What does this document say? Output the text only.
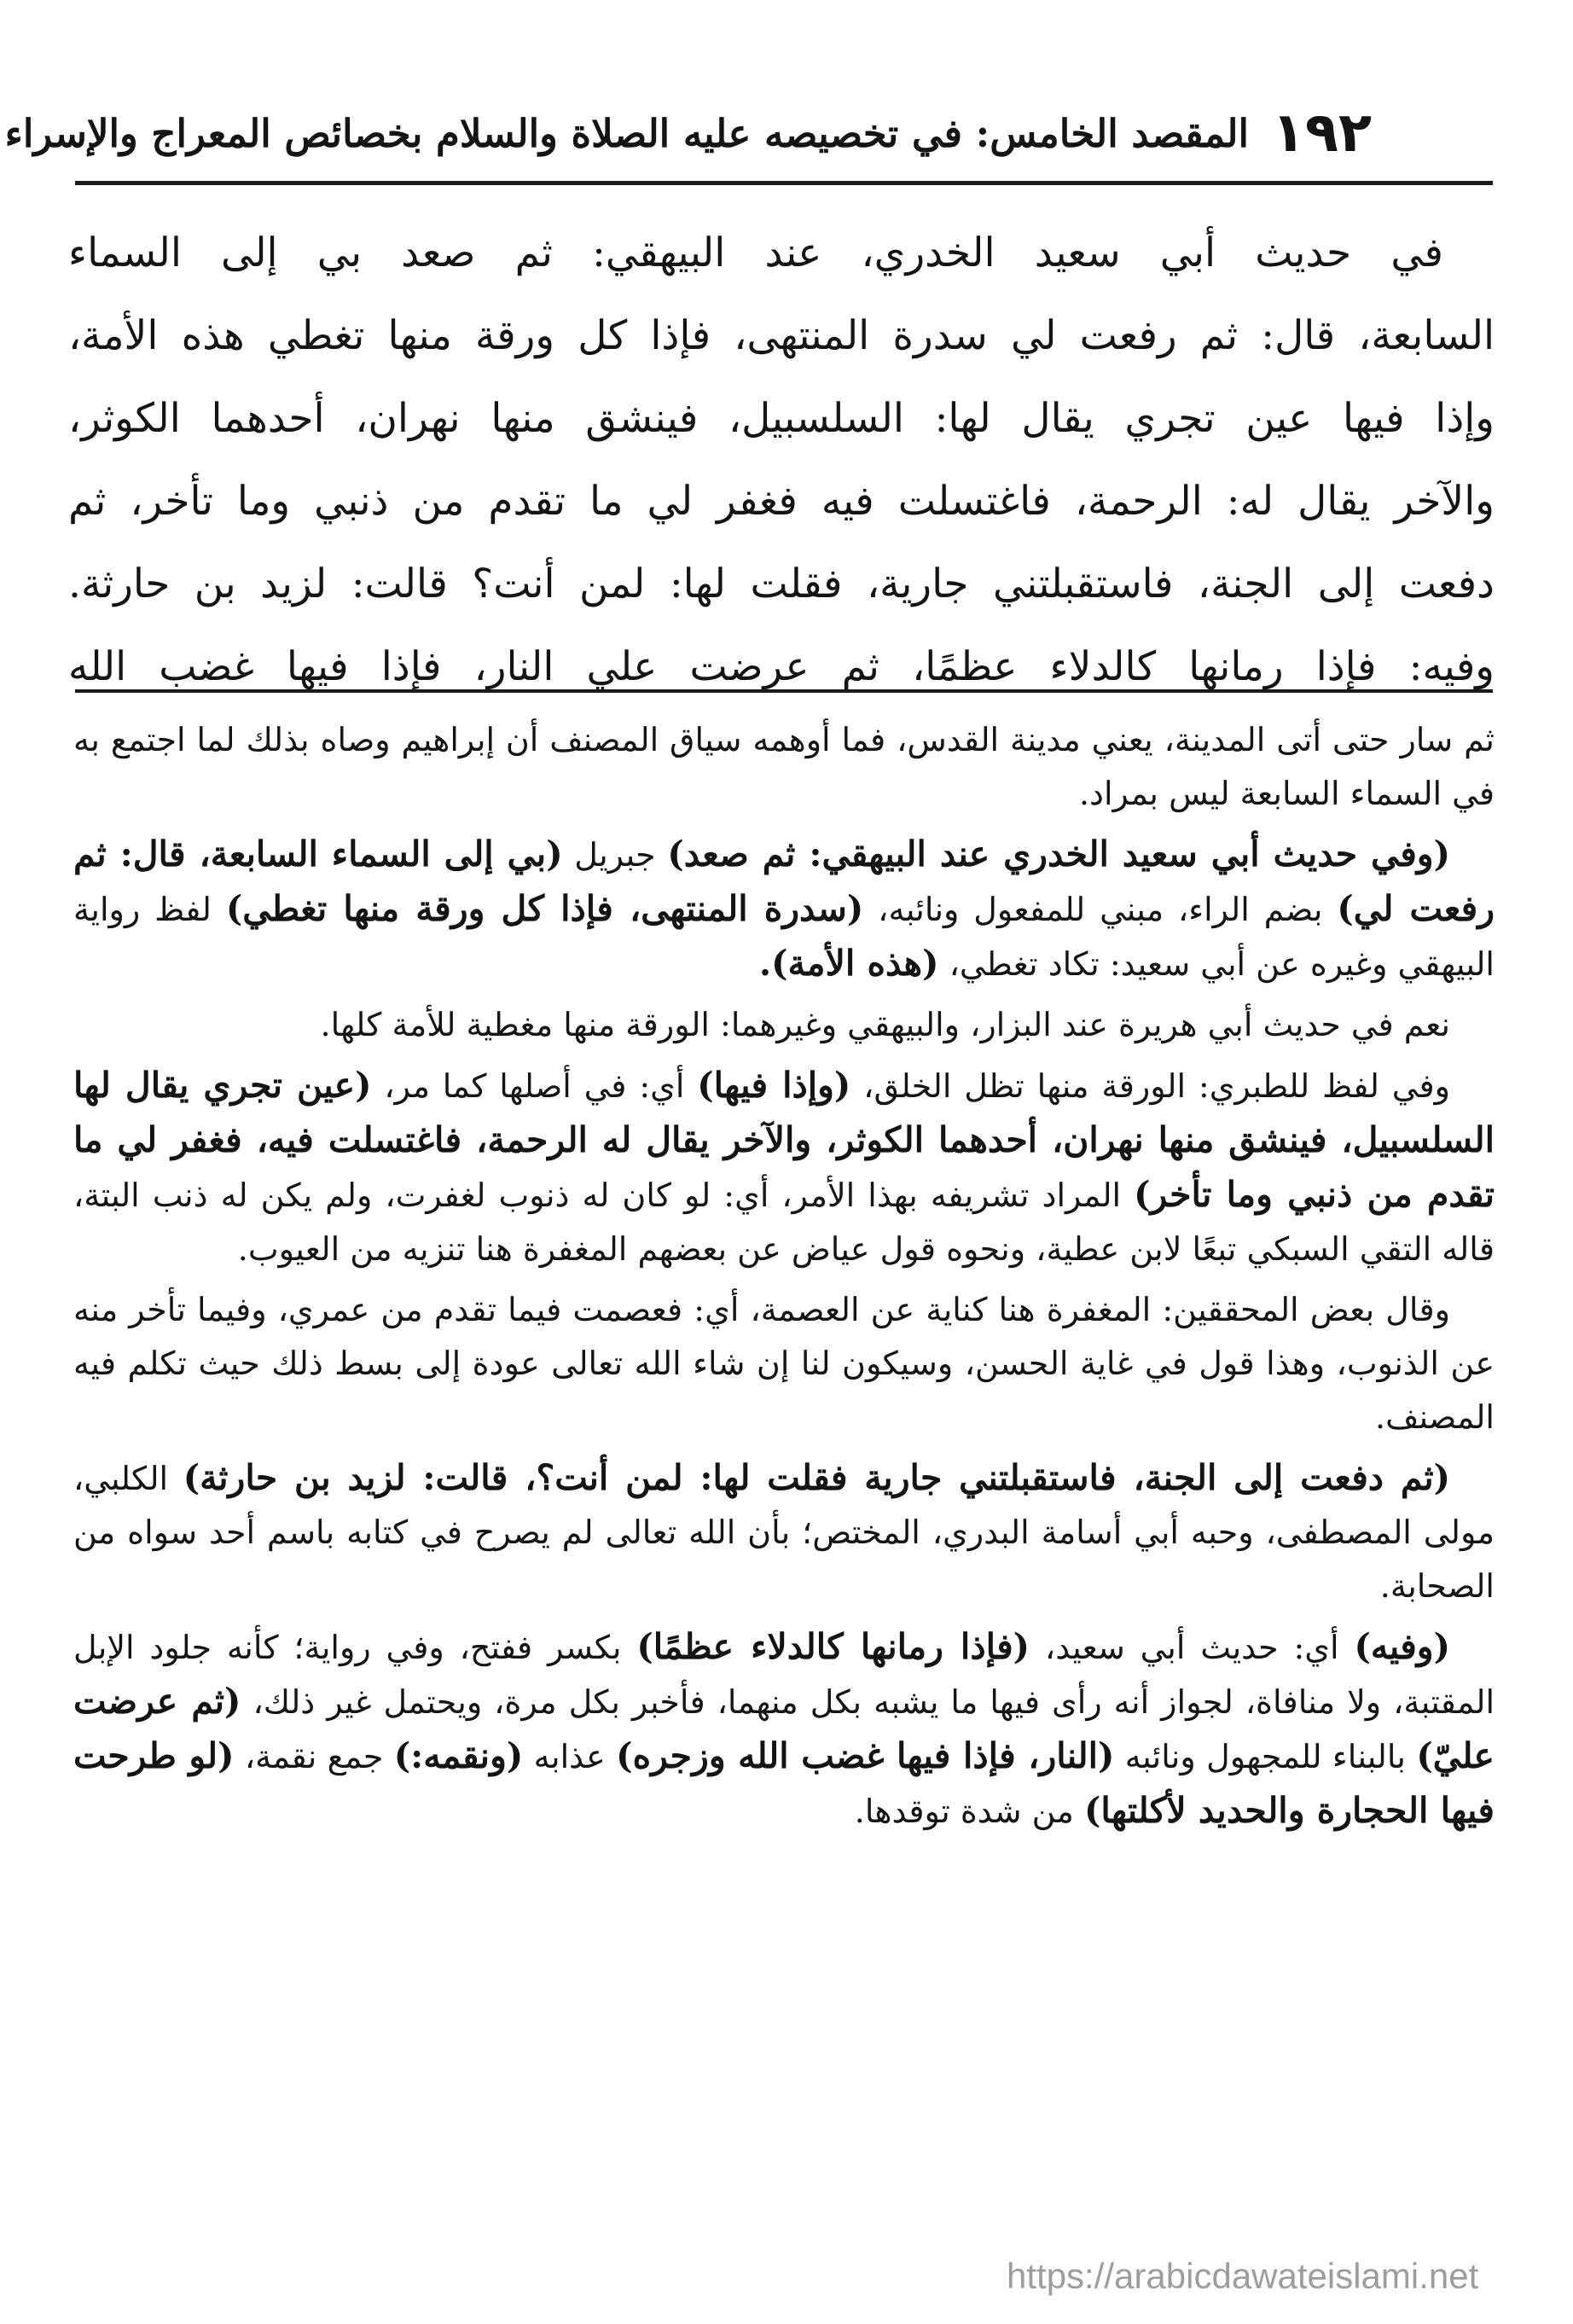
١٩٢
المقصد الخامس: في تخصيصه عليه الصلاة والسلام بخصائص المعراج والإسراء
في حديث أبي سعيد الخدري، عند البيهقي: ثم صعد بي إلى السماء
السابعة، قال: ثم رفعت لي سدرة المنتهى، فإذا كل ورقة منها تغطي هذه الأمة،
وإذا فيها عين تجري يقال لها: السلسبيل، فينشق منها نهران، أحدهما الكوثر،
والآخر يقال له: الرحمة، فاغتسلت فيه فغفر لي ما تقدم من ذنبي وما تأخر، ثم
دفعت إلى الجنة، فاستقبلتني جارية، فقلت لها: لمن أنت؟ قالت: لزيد بن حارثة.
وفيه: فإذا رمانها كالدلاء عظمًا، ثم عرضت علي النار، فإذا فيها غضب الله

ثم سار حتى أتى المدينة، يعني مدينة القدس، فما أوهمه سياق المصنف أن إبراهيم وصاه بذلك لما اجتمع به في السماء السابعة ليس بمراد.

(وفي حديث أبي سعيد الخدري عند البيهقي: ثم صعد) جبريل (بي إلى السماء السابعة، قال: ثم رفعت لي) بضم الراء، مبني للمفعول ونائبه، (سدرة المنتهى، فإذا كل ورقة منها تغطي) لفظ رواية البيهقي وغيره عن أبي سعيد: تكاد تغطي، (هذه الأمة).

نعم في حديث أبي هريرة عند البزار، والبيهقي وغيرهما: الورقة منها مغطية للأمة كلها.

وفي لفظ للطبري: الورقة منها تظل الخلق، (وإذا فيها) أي: في أصلها كما مر، (عين تجري يقال لها السلسبيل، فينشق منها نهران، أحدهما الكوثر، والآخر يقال له الرحمة، فاغتسلت فيه، فغفر لي ما تقدم من ذنبي وما تأخر) المراد تشريفه بهذا الأمر، أي: لو كان له ذنوب لغفرت، ولم يكن له ذنب البتة، قاله التقي السبكي تبعًا لابن عطية، ونحوه قول عياض عن بعضهم المغفرة هنا تنزيه من العيوب.

وقال بعض المحققين: المغفرة هنا كناية عن العصمة، أي: فعصمت فيما تقدم من عمري، وفيما تأخر منه عن الذنوب، وهذا قول في غاية الحسن، وسيكون لنا إن شاء الله تعالى عودة إلى بسط ذلك حيث تكلم فيه المصنف.

(ثم دفعت إلى الجنة، فاستقبلتني جارية فقلت لها: لمن أنت؟، قالت: لزيد بن حارثة) الكلبي، مولى المصطفى، وحبه أبي أسامة البدري، المختص؛ بأن الله تعالى لم يصرح في كتابه باسم أحد سواه من الصحابة.

(وفيه) أي: حديث أبي سعيد، (فإذا رمانها كالدلاء عظمًا) بكسر ففتح، وفي رواية؛ كأنه جلود الإبل المقتبة، ولا منافاة، لجواز أنه رأى فيها ما يشبه بكل منهما، فأخبر بكل مرة، ويحتمل غير ذلك، (ثم عرضت عليّ) بالبناء للمجهول ونائبه (النار، فإذا فيها غضب الله وزجره) عذابه (ونقمه:) جمع نقمة، (لو طرحت فيها الحجارة والحديد لأكلتها) من شدة توقدها.

https://arabicdawateislami.net
